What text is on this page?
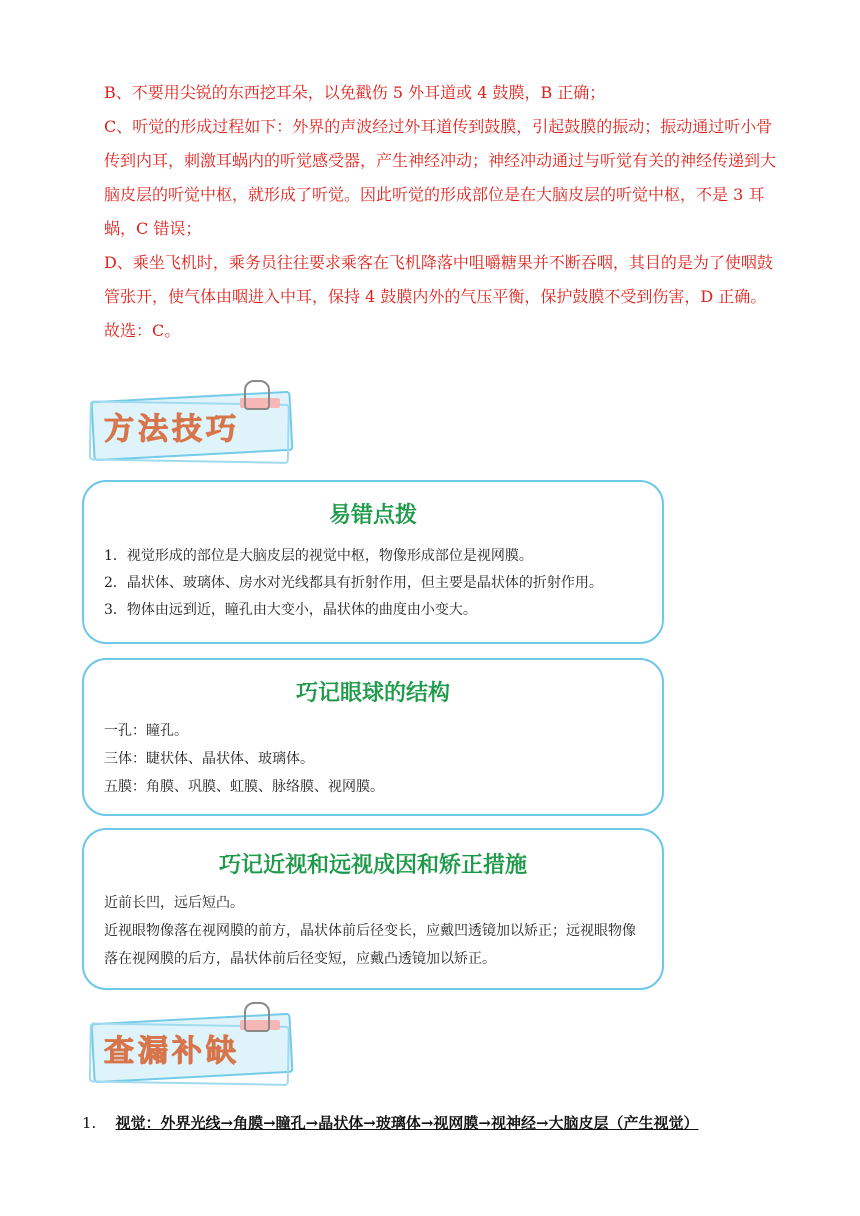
B、不要用尖锐的东西挖耳朵，以免戳伤 5 外耳道或 4 鼓膜，B 正确；

C、听觉的形成过程如下：外界的声波经过外耳道传到鼓膜，引起鼓膜的振动；振动通过听小骨传到内耳，刺激耳蜗内的听觉感受器，产生神经冲动；神经冲动通过与听觉有关的神经传递到大脑皮层的听觉中枢，就形成了听觉。因此听觉的形成部位是在大脑皮层的听觉中枢，不是 3 耳蜗，C 错误；

D、乘坐飞机时，乘务员往往要求乘客在飞机降落中咀嚼糖果并不断吞咽，其目的是为了使咽鼓管张开，使气体由咽进入中耳，保持 4 鼓膜内外的气压平衡，保护鼓膜不受到伤害，D 正确。

故选：C。

方法技巧
易错点拨

1．视觉形成的部位是大脑皮层的视觉中枢，物像形成部位是视网膜。

2．晶状体、玻璃体、房水对光线都具有折射作用，但主要是晶状体的折射作用。

3．物体由远到近，瞳孔由大变小，晶状体的曲度由小变大。

巧记眼球的结构

一孔：瞳孔。

三体：睫状体、晶状体、玻璃体。

五膜：角膜、巩膜、虹膜、脉络膜、视网膜。

巧记近视和远视成因和矫正措施

近前长凹，远后短凸。

近视眼物像落在视网膜的前方，晶状体前后径变长，应戴凹透镜加以矫正；远视眼物像落在视网膜的后方，晶状体前后径变短，应戴凸透镜加以矫正。

查漏补缺
1. 视觉：外界光线→角膜→瞳孔→晶状体→玻璃体→视网膜→视神经→大脑皮层（产生视觉）
